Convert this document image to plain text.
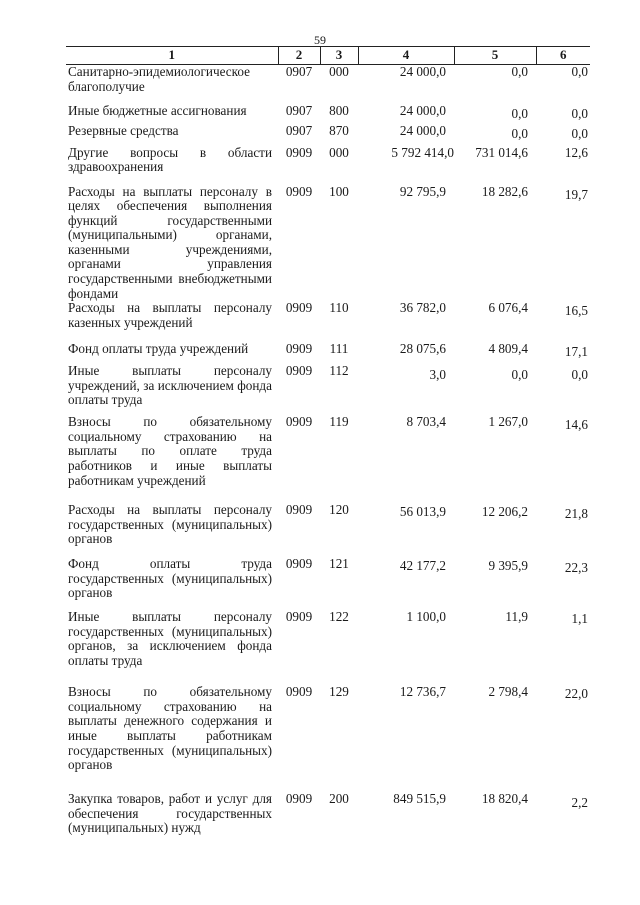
59
1	2	3	4	5	6
Санитарно-эпидемиологическое благополучие	0907	000	24 000,0	0,0	0,0
Иные бюджетные ассигнования	0907	800	24 000,0	0,0	0,0
Резервные средства	0907	870	24 000,0	0,0	0,0
Другие вопросы в области здравоохранения	0909	000	5 792 414,0	731 014,6	12,6
Расходы на выплаты персоналу в целях обеспечения выполнения функций государственными (муниципальными) органами, казенными учреждениями, органами управления государственными внебюджетными фондами	0909	100	92 795,9	18 282,6	19,7
Расходы на выплаты персоналу казенных учреждений	0909	110	36 782,0	6 076,4	16,5
Фонд оплаты труда учреждений	0909	111	28 075,6	4 809,4	17,1
Иные выплаты персоналу учреждений, за исключением фонда оплаты труда	0909	112	3,0	0,0	0,0
Взносы по обязательному социальному страхованию на выплаты по оплате труда работников и иные выплаты работникам учреждений	0909	119	8 703,4	1 267,0	14,6
Расходы на выплаты персоналу государственных (муниципальных) органов	0909	120	56 013,9	12 206,2	21,8
Фонд оплаты труда государственных (муниципальных) органов	0909	121	42 177,2	9 395,9	22,3
Иные выплаты персоналу государственных (муниципальных) органов, за исключением фонда оплаты труда	0909	122	1 100,0	11,9	1,1
Взносы по обязательному социальному страхованию на выплаты денежного содержания и иные выплаты работникам государственных (муниципальных) органов	0909	129	12 736,7	2 798,4	22,0
Закупка товаров, работ и услуг для обеспечения государственных (муниципальных) нужд	0909	200	849 515,9	18 820,4	2,2
